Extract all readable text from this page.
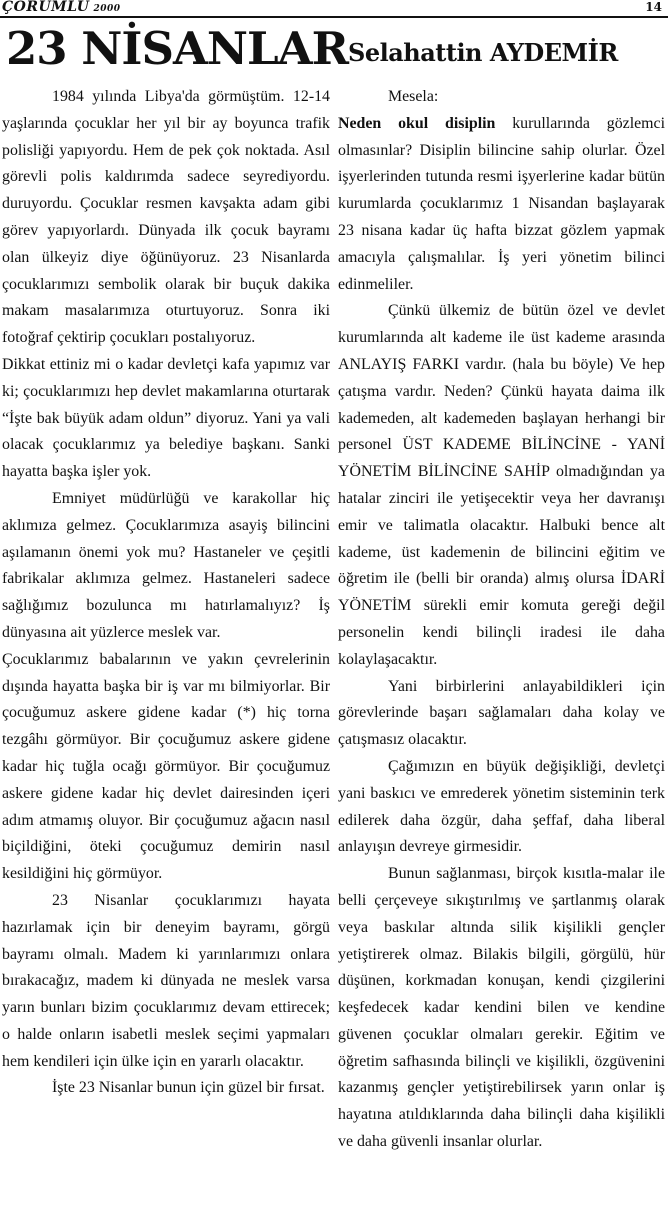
ÇORUMLU 2000	14
23 NİSANLAR Selahattin AYDEMİR

1984 yılında Libya'da görmüştüm. 12-14 yaşlarında çocuklar her yıl bir ay boyunca trafik polisliği yapıyordu. Hem de pek çok noktada. Asıl görevli polis kaldırımda sadece seyrediyordu. duruyordu. Çocuklar resmen kavşakta adam gibi görev yapıyorlardı. Dünyada ilk çocuk bayramı olan ülkeyiz diye öğünüyoruz. 23 Nisanlarda çocuklarımızı sembolik olarak bir buçuk dakika makam masalarımıza oturtuyoruz. Sonra iki fotoğraf çektirip çocukları postalıyoruz.

Dikkat ettiniz mi o kadar devletçi kafa yapımız var ki; çocuklarımızı hep devlet makamlarına oturtarak “İşte bak büyük adam oldun” diyoruz. Yani ya vali olacak çocuklarımız ya belediye başkanı. Sanki hayatta başka işler yok.

Emniyet müdürlüğü ve karakollar hiç aklımıza gelmez. Çocuklarımıza asayiş bilincini aşılamanın önemi yok mu? Hastaneler ve çeşitli fabrikalar aklımıza gelmez. Hastaneleri sadece sağlığımız bozulunca mı hatırlamalıyız? İş dünyasına ait yüzlerce meslek var.

Çocuklarımız babalarının ve yakın çevrelerinin dışında hayatta başka bir iş var mı bilmiyorlar. Bir çocuğumuz askere gidene kadar (*) hiç torna tezgâhı görmüyor. Bir çocuğumuz askere gidene kadar hiç tuğla ocağı görmüyor. Bir çocuğumuz askere gidene kadar hiç devlet dairesinden içeri adım atmamış oluyor. Bir çocuğumuz ağacın nasıl biçildiğini, öteki çocuğumuz demirin nasıl kesildiğini hiç görmüyor.

23 Nisanlar çocuklarımızı hayata hazırlamak için bir deneyim bayramı, görgü bayramı olmalı. Madem ki yarınlarımızı onlara bırakacağız, madem ki dünyada ne meslek varsa yarın bunları bizim çocuklarımız devam ettirecek; o halde onların isabetli meslek seçimi yapmaları hem kendileri için ülke için en yararlı olacaktır.

İşte 23 Nisanlar bunun için güzel bir fırsat.

Mesela:

Neden okul disiplin kurullarında gözlemci olmasınlar? Disiplin bilincine sahip olurlar. Özel işyerlerinden tutunda resmi işyerlerine kadar bütün kurumlarda çocuklarımız 1 Nisandan başlayarak 23 nisana kadar üç hafta bizzat gözlem yapmak amacıyla çalışmalılar. İş yeri yönetim bilinci edinmeliler.

Çünkü ülkemiz de bütün özel ve devlet kurumlarında alt kademe ile üst kademe arasında ANLAYIŞ FARKI vardır. (hala bu böyle) Ve hep çatışma vardır. Neden? Çünkü hayata daima ilk kademeden, alt kademeden başlayan herhangi bir personel ÜST KADEME BİLİNCİNE - YANİ YÖNETİM BİLİNCİNE SAHİP olmadığından ya hatalar zinciri ile yetişecektir veya her davranışı emir ve talimatla olacaktır. Halbuki bence alt kademe, üst kademenin de bilincini eğitim ve öğretim ile (belli bir oranda) almış olursa İDARİ YÖNETİM sürekli emir komuta gereği değil personelin kendi bilinçli iradesi ile daha kolaylaşacaktır.

Yani birbirlerini anlayabildikleri için görevlerinde başarı sağlamaları daha kolay ve çatışmasız olacaktır.

Çağımızın en büyük değişikliği, devletçi yani baskıcı ve emrederek yönetim sisteminin terk edilerek daha özgür, daha şeffaf, daha liberal anlayışın devreye girmesidir.

Bunun sağlanması, birçok kısıtla-malar ile belli çerçeveye sıkıştırılmış ve şartlanmış olarak veya baskılar altında silik kişilikli gençler yetiştirerek olmaz. Bilakis bilgili, görgülü, hür düşünen, korkmadan konuşan, kendi çizgilerini keşfedecek kadar kendini bilen ve kendine güvenen çocuklar olmaları gerekir. Eğitim ve öğretim safhasında bilinçli ve kişilikli, özgüvenini kazanmış gençler yetiştirebilirsek yarın onlar iş hayatına atıldıklarında daha bilinçli daha kişilikli ve daha güvenli insanlar olurlar.
